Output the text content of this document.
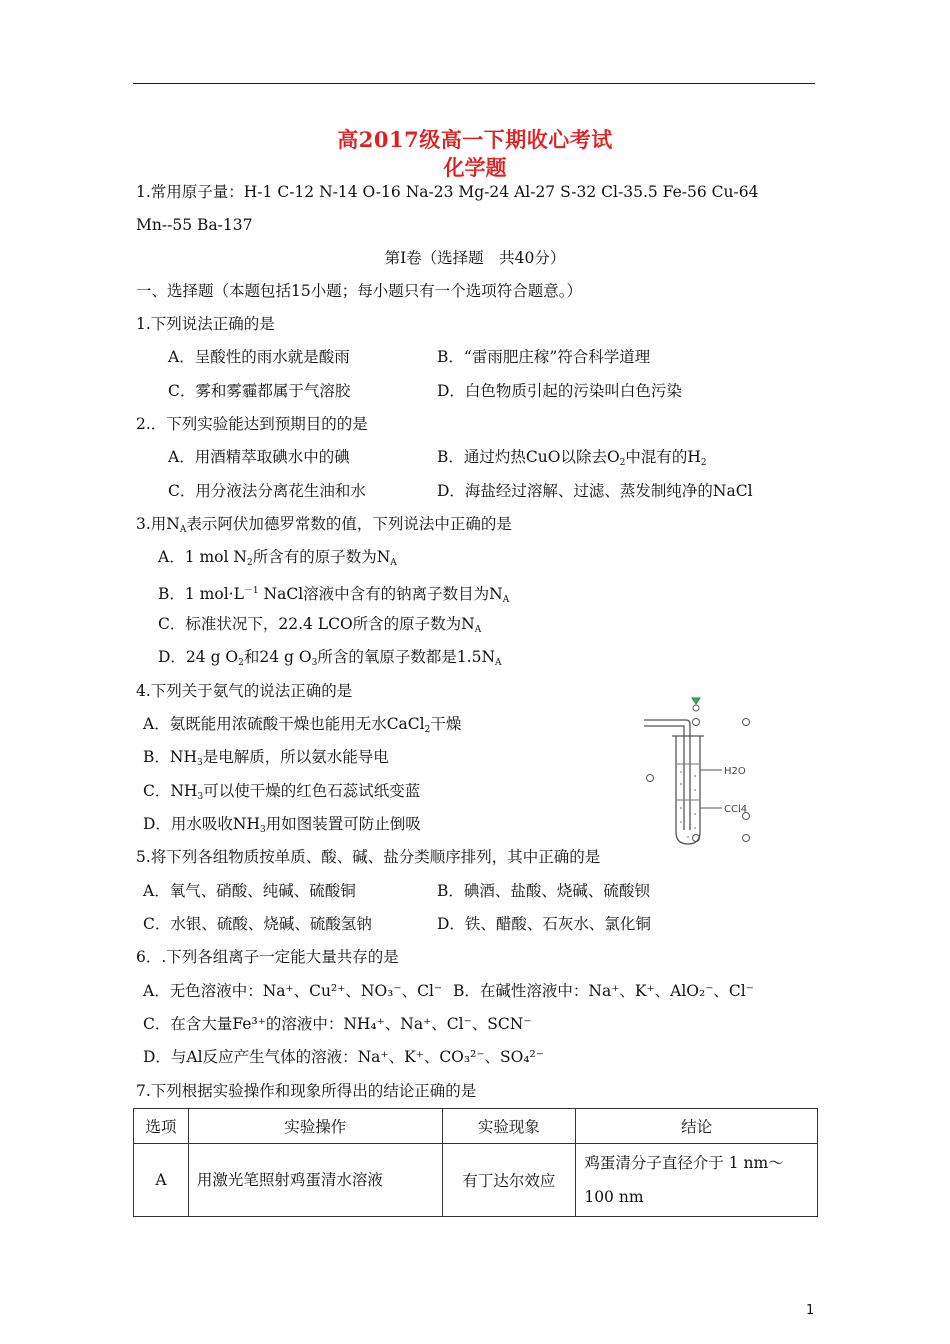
高2017级高一下期收心考试
化学题
1.常用原子量：H-1 C-12 N-14 O-16 Na-23 Mg-24 Al-27 S-32 Cl-35.5 Fe-56 Cu-64
Mn--55 Ba-137
第Ⅰ卷（选择题　共40分）
一、选择题（本题包括15小题；每小题只有一个选项符合题意。）
1.下列说法正确的是
A．呈酸性的雨水就是酸雨	B．“雷雨肥庄稼”符合科学道理
C．雾和雾霾都属于气溶胶	D．白色物质引起的污染叫白色污染
2.．下列实验能达到预期目的的是
A．用酒精萃取碘水中的碘	B．通过灼热CuO以除去$O_2$中混有的$H_2$
C．用分液法分离花生油和水	D．海盐经过溶解、过滤、蒸发制纯净的NaCl
3.用$N_A$表示阿伏加德罗常数的值，下列说法中正确的是
A．1 mol $N_2$所含有的原子数为$N_A$
B．1 $mol\cdot L^{-1}$ NaCl溶液中含有的钠离子数目为$N_A$
C．标准状况下，22.4 LCO所含的原子数为$N_A$
D．24 g $O_2$和24 g $O_3$所含的氧原子数都是$1.5N_A$
4.下列关于氨气的说法正确的是
A．氨既能用浓硫酸干燥也能用无水CaCl$_2$干燥
B．$NH_3$是电解质，所以氨水能导电
C．$NH_3$可以使干燥的红色石蕊试纸变蓝
D．用水吸收$NH_3$用如图装置可防止倒吸
H2O
CCl4
5.将下列各组物质按单质、酸、碱、盐分类顺序排列，其中正确的是
A．氧气、硝酸、纯碱、硫酸铜	B．碘酒、盐酸、烧碱、硫酸钡
C．水银、硫酸、烧碱、硫酸氢钠	D．铁、醋酸、石灰水、氯化铜
6．.下列各组离子一定能大量共存的是
A．无色溶液中：Na⁺、Cu²⁺、NO₃⁻、Cl⁻ B．在碱性溶液中：Na⁺、K⁺、AlO₂⁻、Cl⁻
C．在含大量Fe³⁺的溶液中：NH₄⁺、Na⁺、Cl⁻、SCN⁻
D．与Al反应产生气体的溶液：Na⁺、K⁺、CO₃²⁻、SO₄²⁻
7.下列根据实验操作和现象所得出的结论正确的是
选项	实验操作	实验现象	结论
A	用激光笔照射鸡蛋清水溶液	有丁达尔效应	鸡蛋清分子直径介于 1 nm～
100 nm
1
